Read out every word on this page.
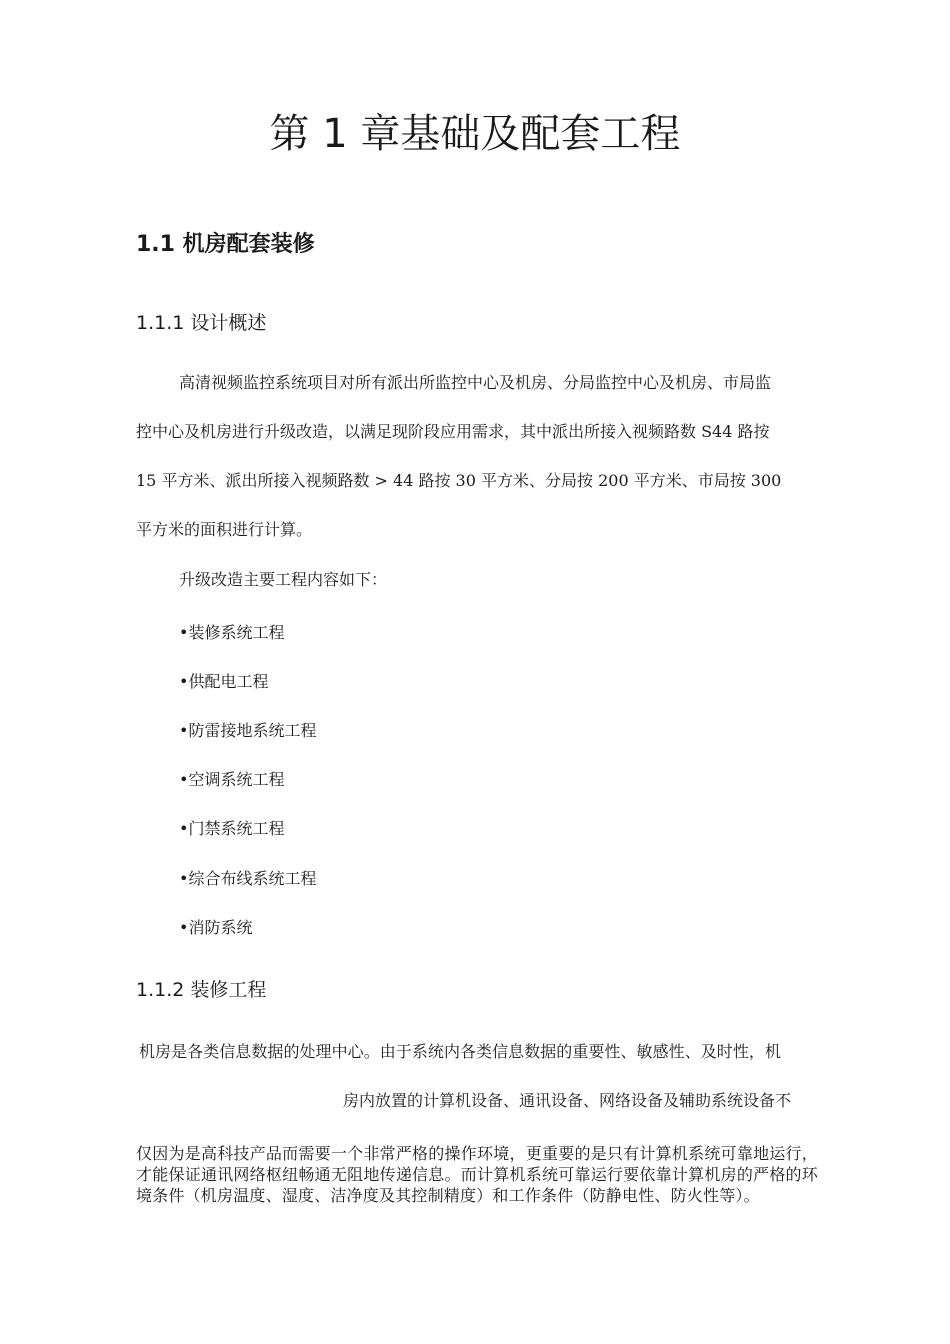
第 1 章基础及配套工程
1.1 机房配套装修
1.1.1 设计概述
高清视频监控系统项目对所有派出所监控中心及机房、分局监控中心及机房、市局监
控中心及机房进行升级改造，以满足现阶段应用需求，其中派出所接入视频路数 S44 路按
15 平方米、派出所接入视频路数 > 44 路按 30 平方米、分局按 200 平方米、市局按 300
平方米的面积进行计算。
升级改造主要工程内容如下：
•装修系统工程
•供配电工程
•防雷接地系统工程
•空调系统工程
•门禁系统工程
•综合布线系统工程
•消防系统
1.1.2 装修工程
机房是各类信息数据的处理中心。由于系统内各类信息数据的重要性、敏感性、及时性，机
房内放置的计算机设备、通讯设备、网络设备及辅助系统设备不
仅因为是高科技产品而需要一个非常严格的操作环境，更重要的是只有计算机系统可靠地运行，才能保证通讯网络枢纽畅通无阻地传递信息。而计算机系统可靠运行要依靠计算机房的严格的环境条件（机房温度、湿度、洁净度及其控制精度）和工作条件（防静电性、防火性等）。
